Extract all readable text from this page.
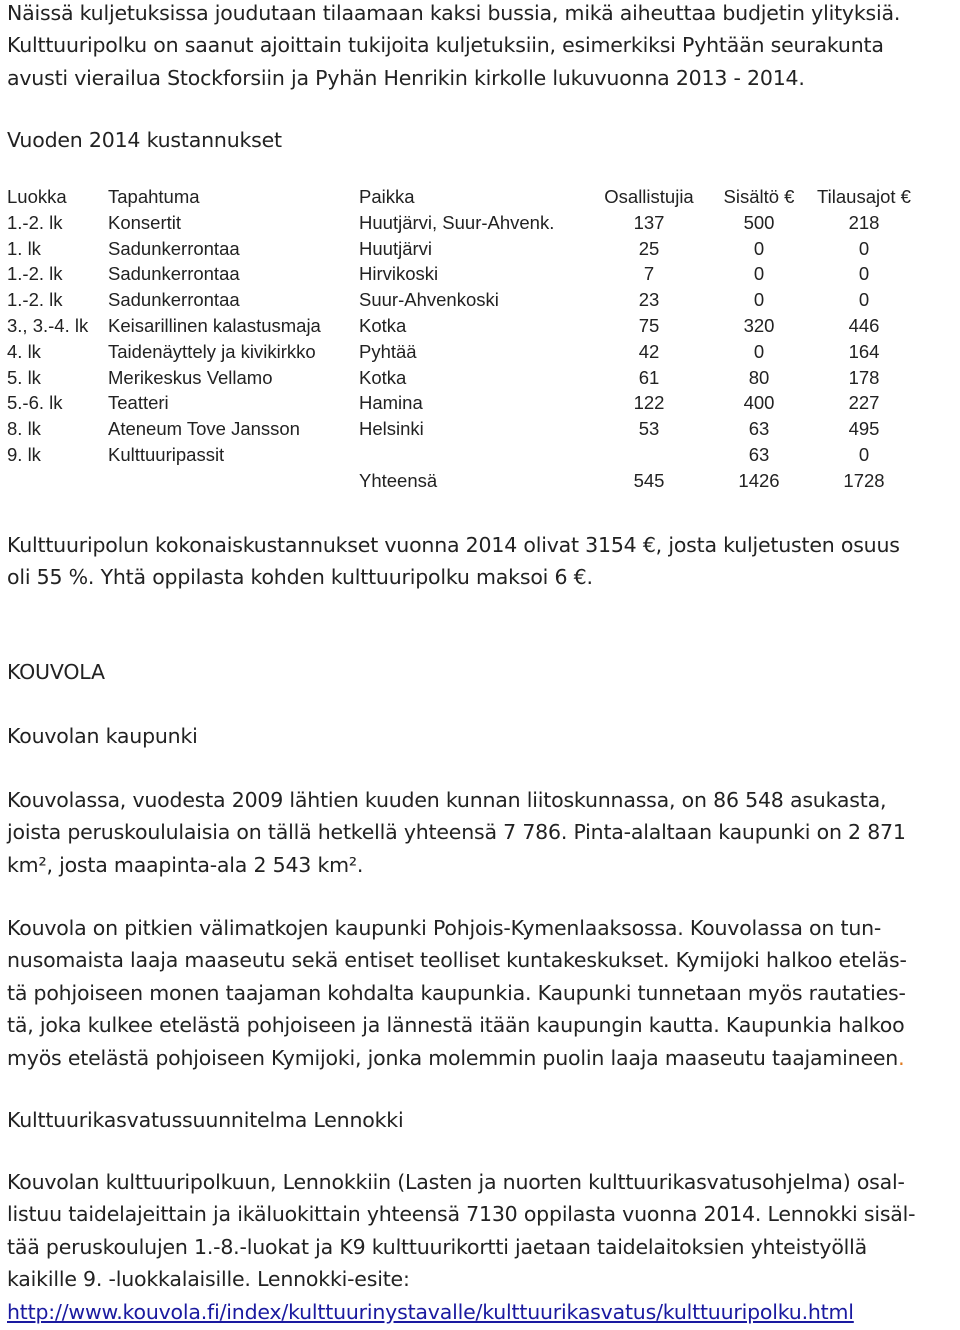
Näissä kuljetuksissa joudutaan tilaamaan kaksi bussia, mikä aiheuttaa budjetin ylityksiä.
Kulttuuripolku on saanut ajoittain tukijoita kuljetuksiin, esimerkiksi Pyhtään seurakunta
avusti vierailua Stockforsiin ja Pyhän Henrikin kirkolle lukuvuonna 2013 - 2014.

Vuoden 2014 kustannukset

Luokka	Tapahtuma	Paikka	Osallistujia	Sisältö €	Tilausajot €
1.-2. lk	Konsertit	Huutjärvi, Suur-Ahvenk.	137	500	218
1. lk	Sadunkerrontaa	Huutjärvi	25	0	0
1.-2. lk	Sadunkerrontaa	Hirvikoski	7	0	0
1.-2. lk	Sadunkerrontaa	Suur-Ahvenkoski	23	0	0
3., 3.-4. lk	Keisarillinen kalastusmaja	Kotka	75	320	446
4. lk	Taidenäyttely ja kivikirkko	Pyhtää	42	0	164
5. lk	Merikeskus Vellamo	Kotka	61	80	178
5.-6. lk	Teatteri	Hamina	122	400	227
8. lk	Ateneum Tove Jansson	Helsinki	53	63	495
9. lk	Kulttuuripassit			63	0
		Yhteensä	545	1426	1728

Kulttuuripolun kokonaiskustannukset vuonna 2014 olivat 3154 €, josta kuljetusten osuus
oli 55 %. Yhtä oppilasta kohden kulttuuripolku maksoi 6 €.

KOUVOLA

Kouvolan kaupunki

Kouvolassa, vuodesta 2009 lähtien kuuden kunnan liitoskunnassa, on 86 548 asukasta,
joista peruskoululaisia on tällä hetkellä yhteensä 7 786. Pinta-alaltaan kaupunki on 2 871
km², josta maapinta-ala 2 543 km².

Kouvola on pitkien välimatkojen kaupunki Pohjois-Kymenlaaksossa. Kouvolassa on tun-
nusomaista laaja maaseutu sekä entiset teolliset kuntakeskukset. Kymijoki halkoo eteläs-
tä pohjoiseen monen taajaman kohdalta kaupunkia. Kaupunki tunnetaan myös rautaties-
tä, joka kulkee etelästä pohjoiseen ja lännestä itään kaupungin kautta. Kaupunkia halkoo
myös etelästä pohjoiseen Kymijoki, jonka molemmin puolin laaja maaseutu taajamineen.

Kulttuurikasvatussuunnitelma Lennokki

Kouvolan kulttuuripolkuun, Lennokkiin (Lasten ja nuorten kulttuurikasvatusohjelma) osal-
listuu taidelajeittain ja ikäluokittain yhteensä 7130 oppilasta vuonna 2014. Lennokki sisäl-
tää peruskoulujen 1.-8.-luokat ja K9 kulttuurikortti jaetaan taidelaitoksien yhteistyöllä
kaikille 9. -luokkalaisille. Lennokki-esite:
http://www.kouvola.fi/index/kulttuurinystavalle/kulttuurikasvatus/kulttuuripolku.html
